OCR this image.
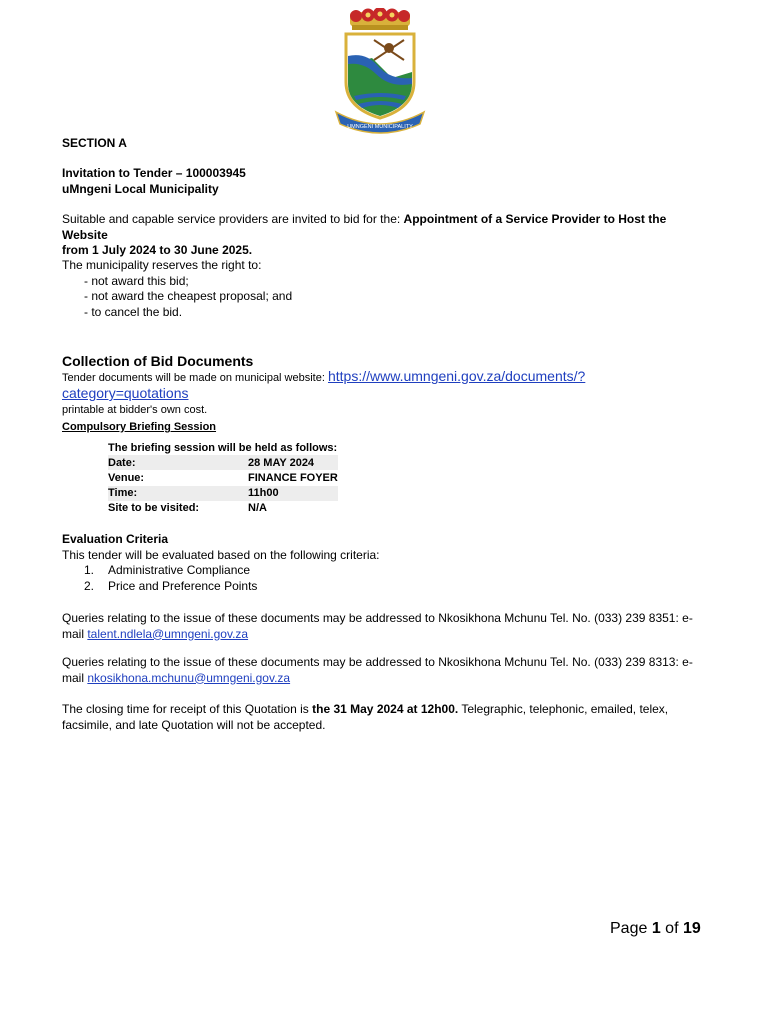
UMNGENI MUNICIPALITY
SECTION A
Invitation to Tender – 100003945
uMngeni Local Municipality
Suitable and capable service providers are invited to bid for the: Appointment of a Service Provider to Host the Website
from 1 July 2024 to 30 June 2025.
The municipality reserves the right to:
- not award this bid;
- not award the cheapest proposal; and
- to cancel the bid.
Collection of Bid Documents
Tender documents will be made on municipal website: https://www.umngeni.gov.za/documents/?category=quotations
printable at bidder's own cost.
Compulsory Briefing Session
The briefing session will be held as follows:	
Date:	28 MAY 2024
Venue:	FINANCE FOYER
Time:	11h00
Site to be visited:	N/A
Evaluation Criteria
This tender will be evaluated based on the following criteria:
1. Administrative Compliance
2. Price and Preference Points
Queries relating to the issue of these documents may be addressed to Nkosikhona Mchunu Tel. No. (033) 239 8351: e-
mail talent.ndlela@umngeni.gov.za
Queries relating to the issue of these documents may be addressed to Nkosikhona Mchunu Tel. No. (033) 239 8313: e-
mail nkosikhona.mchunu@umngeni.gov.za
The closing time for receipt of this Quotation is the 31 May 2024 at 12h00. Telegraphic, telephonic, emailed, telex,
facsimile, and late Quotation will not be accepted.
Page 1 of 19
